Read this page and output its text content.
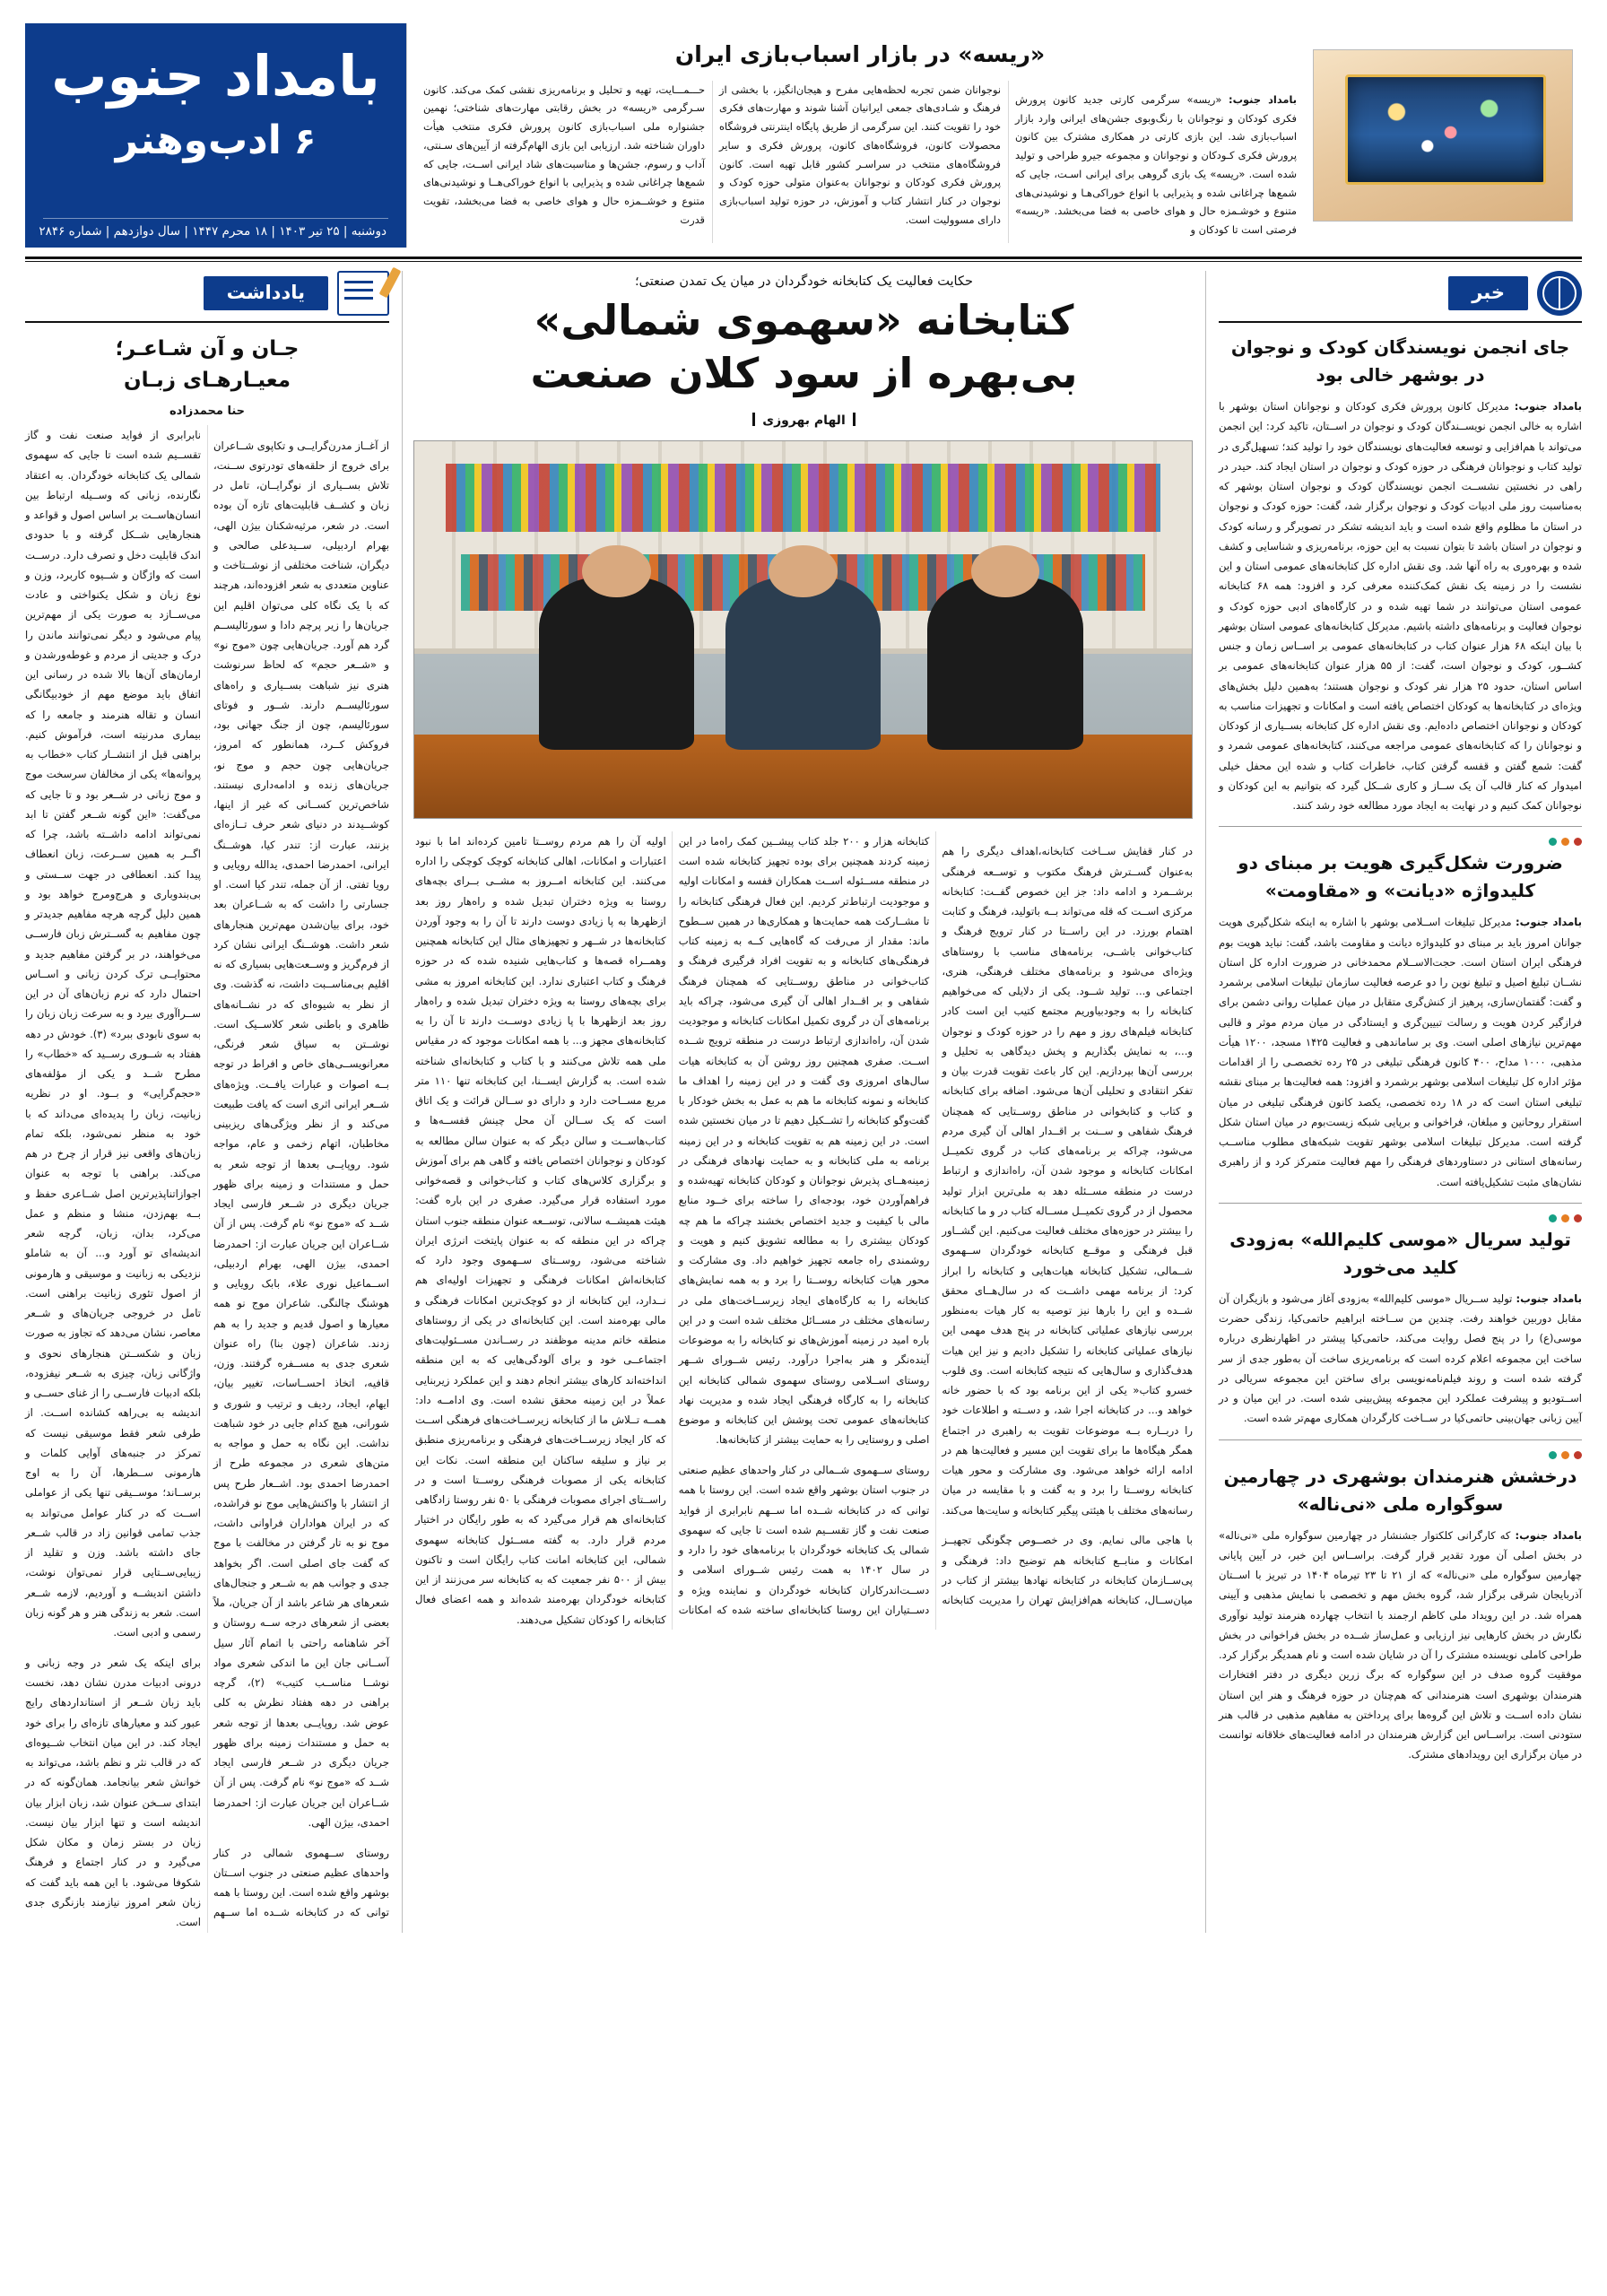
«ریسه» در بازار اسباب‌بازی ایران

بامداد جنوب: «ریسه» سرگرمی کارتی جدید کانون پرورش فکری کودکان و نوجوانان با رنگ‌وبوی جشن‌های ایرانی وارد بازار اسباب‌بازی شد. این بازی کارتی در همکاری مشترک بین کانون پرورش فکری کـودکان و نوجوانان و مجموعه جیرو طراحی و تولید شده است. «ریسه» یک بازی گروهی برای ایرانی اسـت، جایی که شمع‌ها چراغانی شده و پذیرایی با انواع خوراکی‌هـا و نوشیدنی‌های متنوع و خوشـمزه حال و هوای خاصی به فضا می‌بخشد. «ریسه» فرصتی است تا کودکان و

نوجوانان ضمن تجربه لحظه‌هایی مفرح و هیجان‌انگیز، با بخشی از فرهنگ و شـادی‌های جمعی ایرانیان آشنا شوند و مهارت‌های فکری خود را تقویت کنند. این سرگرمی از طریق پایگاه اینترنتی فروشگاه محصولات کانون، فروشگاه‌های کانون، پرورش فکری و سایر فروشگاه‌های منتخب در سراسـر کشور قابل تهیه است. کانون پرورش فکری کودکان و نوجوانان به‌عنوان متولی حوزه کودک و نوجوان در کنار انتشار کتاب و آموزش، در حوزه تولید اسباب‌بازی دارای مسوولیت است.

حـــمـــایت، تهیه و تحلیل و برنامه‌ریزی نقشی کمک می‌کند. کانون سـرگرمی «ریسه» در بخش رقابتی مهارت‌های شناختی؛ نهمین جشنواره ملی اسباب‌بازی کانون پرورش فکری منتخب هیأت داوران شناخته شد. ارزیابی این بازی الهام‌گرفته از آیین‌های سـنتی، آداب و رسوم، جشن‌ها و مناسبت‌های شاد ایرانی اســت، جایی که شمع‌ها چراغانی شده و پذیرایی با انواع خوراکی‌هــا و نوشیدنی‌های متنوع و خوشــمزه حال و هوای خاصی به فضا می‌بخشد، تقویت قدرت

بامداد جنوب
۶
ادب‌وهنر
دوشنبه | ۲۵ تیر ۱۴۰۳ | ۱۸ محرم ۱۴۴۷ | سال دوازدهم | شماره ۲۸۴۶
خبر
جای انجمن نویسندگان کودک و نوجوان در بوشهر خالی بود
بامداد جنوب: مدیرکل کانون پرورش فکری کودکان و نوجوانان استان بوشهر با اشاره به خالی انجمن نویســندگان کودک و نوجوان در اســتان، تاکید کرد: این انجمن می‌تواند با هم‌افزایی و توسعه فعالیت‌های نویسندگان خود را تولید کند؛ تسهیل‌گری در تولید کتاب و نوجوانان فرهنگی در حوزه کودک و نوجوان در استان ایجاد کند. حیدر در راهی در نخستین نشســت انجمن نویسندگان کودک و نوجوان استان بوشهر که به‌مناسبت روز ملی ادبیات کودک و نوجوان برگزار شد، گفت: حوزه کودک و نوجوان در استان ما مظلوم واقع شده است و باید اندیشه تشکر در تصویرگر و رسانه کودک و نوجوان در استان باشد تا بتوان نسبت به این حوزه، برنامه‌ریزی و شناسایی و کشف شده و بهره‌وری به راه آنها شد. وی نقش اداره کل کتابخانه‌های عمومی استان و این نشست را در زمینه یک نقش کمک‌کننده معرفی کرد و افزود: همه ۶۸ کتابخانه عمومی استان می‌توانند در شما تهیه شده و در کارگاه‌های ادبی حوزه کودک و نوجوان فعالیت و برنامه‌های داشته باشیم. مدیرکل کتابخانه‌های عمومی استان بوشهر با بیان اینکه ۶۸ هزار عنوان کتاب در کتابخانه‌های عمومی بر اســاس زمان و جنس کشــور، کودک و نوجوان است، گفت: از ۵۵ هزار عنوان کتابخانه‌های عمومی بر اساس استان، حدود ۲۵ هزار نفر کودک و نوجوان هستند؛ به‌همین دلیل بخش‌های ویژه‌ای در کتابخانه‌ها به کودکان اختصاص یافته است و امکانات و تجهیزات مناسب به کودکان و نوجوانان اختصاص داده‌ایم. وی نقش اداره کل کتابخانه بســیاری از کودکان و نوجوانان را که کتابخانه‌های عمومی مراجعه می‌کنند، کتابخانه‌های عمومی شمرد و گفت: شمع گفتن و قفسه گرفتن کتاب، خاطرات کتاب و شده این محفل خیلی امیدوار که کنار قالب آن یک ســاز و کاری شــکل گیرد که بتوانیم به این کودکان و نوجوانان کمک کنیم و در نهایت به ایجاد مورد مطالعه خود رشد کنند.
ضرورت شکل‌گیری هویت بر مبنای دو کلیدواژه «دیانت» و «مقاومت»
بامداد جنوب: مدیرکل تبلیغات اســلامی بوشهر با اشاره به اینکه شکل‌گیری هویت جوانان امروز باید بر مبنای دو کلیدواژه دیانت و مقاومت باشد، گفت: نباید هویت بوم فرهنگی ایران استان است. حجت‌الاســلام محمدخانی در ضرورت اداره کل استان نشــان تبلیغ اصیل و تبلیغ نوین را دو عرصه فعالیت سازمان تبلیغات اسلامی برشمرد و گفت: گفتمان‌سازی، پرهیز از کنش‌گری متقابل در میان عملیات روانی دشمن برای فرازگیر کردن هویت و رسالت تبیین‌گری و ایستادگی در میان مردم موثر و قالبی مهم‌ترین نیازهای اصلی است. وی بر ساماندهی و فعالیت ۱۴۲۵ مسجد، ۱۲۰۰ هیأت مذهبی، ۱۰۰۰ مداح، ۴۰۰ کانون فرهنگی تبلیغی در ۲۵ رده تخصصـی را از اقدامات مؤثر اداره کل تبلیغات اسلامی بوشهر برشمرد و افزود: همه فعالیت‌ها بر مبنای نقشه تبلیغی استان است که در ۱۸ رده تخصصی، یکصد کانون فرهنگی تبلیغی در میان استقرار روحانین و مبلغان، فراخوانی و برپایی شبکه زیست‌بوم در میان استان شکل گرفته است. مدیرکل تبلیغات اسلامی بوشهر تقویت شبکه‌های مطلوب مناســب رسانه‌های استانی در دستاوردهای فرهنگی را مهم فعالیت متمرکز کرد و از راهبری نشان‌های مثبت تشکیل‌یافته است.
تولید سریال «موسی کلیم‌الله» به‌زودی کلید می‌خورد
بامداد جنوب: تولید ســریال «موسی کلیم‌الله» به‌زودی آغاز می‌شود و بازیگران آن مقابل دوربین خواهند رفت. چندین من ســاخته ابراهیم حاتمی‌کیا، زندگی حضرت موسی(ع) را در پنج فصل روایت می‌کند، حاتمی‌کیا پیشتر در اظهارنظری درباره ساخت این مجموعه اعلام کرده است که برنامه‌ریزی ساخت آن به‌طور جدی از سر گرفته شده است و روند فیلم‌نامه‌نویسی برای ساختن این مجموعه سریالی در اســتودیو و پیشرفت عملکرد این مجموعه پیش‌بینی شده است. در این میان و در آیین زبانی جهان‌بینی حاتمی‌کیا در ســاخت کارگردان همکاری مهم‌تر شده است.
درخشش هنرمندان بوشهری در چهارمین سوگواره ملی «نی‌ناله»
بامداد جنوب: که کارگرانی کلکتوار جشنشار در چهارمین سوگواره ملی «نی‌ناله» در بخش اصلی آن مورد تقدیر قرار گرفت. براســاس این خبر، در آیین پایانی چهارمین سوگواره ملی «نی‌ناله» که از ۲۱ تا ۲۳ تیرماه ۱۴۰۴ در تبریز با اســتان آذربایجان شرقی برگزار شد، گروه بخش مهم و تخصصی با نمایش مذهبی و آیینی همراه شد. در این رویداد ملی کاظم ارجمند با انتخاب چهارده هنرمند تولید نوآوری نگارش در بخش کارهایی نیز ارزیابی و عمل‌ساز شــده در بخش فراخوانی در بخش طراحی کاملی نویسنده مشترک را آن در شایان شده است و نام همدیگر برگزار کرد. موفقیت گروه صدف در این سوگواره که برگ زرین دیگری در دفتر افتخارات هنرمندان بوشهری است هنرمندانی که هم‌چنان در حوزه فرهنگ و هنر این استان نشان داده اســت و تلاش این گروه‌ها برای پرداختن به مفاهیم مذهبی در قالب هنر ستودنی است. براســاس این گزارش هنرمندان در ادامه فعالیت‌های خلاقانه توانست در میان برگزاری این رویدادهای مشترک.
حکایت فعالیت یک کتابخانه خودگردان در میان یک تمدن صنعتی؛
کتابخانه «سهموی شمالی»
بی‌بهره از سود کلان صنعت
الهام بهروزی

در کنار قفایش ســاخت کتابخانه،اهداف دیگری را هم به‌عنوان گســترش فرهنگ مکتوب و توســعه فرهنگی برشــمرد و ادامه داد: جز این خصوص گفــت: کتابخانه مرکزی اســت که قله می‌تواند بــه باتولید، فرهنگ و کتابت اهتمام بورزد. در این راســتا در کنار ترویج فرهنگ و کتاب‌خوانی باشــی، برنامه‌های مناسب با روستاهای ویژه‌ای می‌شود و برنامه‌های مختلف فرهنگی، هنری، اجتماعی و... تولید شــود. یکی از دلایلی که می‌خواهیم کتابخانه را به وجودبیاوریم مجتمع کتیب این است کادر کتابخانه فیلم‌های روز و مهم را در حوزه کودک و نوجوان و...، به نمایش بگذاریم و پخش دیدگاهی به تحلیل و بررسی آن‌ها بپردازیم. این کار باعث تقویت قدرت بیان و تفکر انتقادی و تحلیلی آن‌ها می‌شود. اضافه برای کتابخانه و کتاب و کتابخوانی در مناطق روســتایی که همچنان فرهنگ شفاهی و ســنت بر اقــدار اهالی آن گیری مردم می‌شود، چراکه بر برنامه‌های کتاب در گروی تکمیــل امکانات کتابخانه و موجود شدن آن، راه‌اندازی و ارتباط درست در منطقه مســئله دهد به ملی‌ترین ابزار تولید محصول از در گروی تکمیــل مســاله کتاب در و ما کتابخانه را بیشتر در حوزه‌های مختلف فعالیت می‌کنیم. این گشــاور قبل فرهنگی و موقــع کتابخانه خودگردان ســهموی شــمالی، تشکیل کتابخانه هیات‌هایی و کتابخانه را ابراز کرد: از برنامه مهمی داشــت که در سال‌هــای محقق شــده و این را بارها نیز توصیه به کار هیات به‌منظور بررسی نیازهای عملیاتی کتابخانه در پنج هدف مهمی این نیازهای عملیاتی کتابخانه را تشکیل دادیم و نیز این هیات هدف‌گذاری و سال‌هایی که نتیجه کتابخانه است. وی قلوب خسرو کتاب« یکی از این برنامه بود که با حضور خانه خواهد و... در کتابخانه اجرا شد، و دســته و اطلاعات خود را دربــاره بــه موضوعات تقویت به راهبری در اجتماع همگر هیگاه‌ها ما برای تقویت این مسیر و فعالیت‌ها هم در ادامه ارائه خواهد می‌شود. وی مشارکت و محور هیات کتابخانه روســتا را برد و به گفت و با مقایسه در میان رسانه‌های مختلف با هیئتی پیگیر کتابخانه و سایت‌ها می‌کند.

با هاجی مالی نمایم. وی در خصــوص چگونگی تجهیــز امکانات و منابــع کتابخانه هم توضیح داد: فرهنگی و پی‌ســازمان کتابخانه در کتابخانه نهادها بیشتر از کتاب در میان‌ســال، کتابخانه هم‌افزایش تهران را مدیریت کتابخانه کتابخانه هزار و ۲۰۰ جلد کتاب پیشــین کمک راه‌ما در این زمینه کردند همچنین برای بوده تجهیز کتابخانه شده است در منطقه مســئوله اســت همکاران قفسه و امکانات اولیه و موجودیت ارتباط‌تر کردیم. این فعال فرهنگی کتابخانه را تا مشــارکت همه حمایت‌ها و همکاری‌ها در همین ســطوح ماند: مقدار از می‌رفت که گاه‌هایی کــه به زمینه کتاب فرهنگی‌های کتابخانه و به تقویت افراد فرگیری فرهنگ و کتاب‌خوانی در مناطق روســتایی که همچنان فرهنگ شفاهی و بر اقــدار اهالی آن گیری می‌شود، چراکه باید برنامه‌های آن در گروی تکمیل امکانات کتابخانه و موجودیت شدن آن، راه‌اندازی ارتباط درست در منطقه ترویج شــده اســت. صفری همچنین روز روشن آن به کتابخانه هیات سال‌های امروزی وی گفت و در این زمینه را اهداف ما کتابخانه و نمونه کتابخانه ما هم به عمل به بخش خودکار با گفت‌وگو کتابخانه را تشــکیل دهیم تا در میان نخستین شده است. در این زمینه هم به تقویت کتابخانه و در این زمینه برنامه به ملی کتابخانه و به حمایت نهادهای فرهنگی در زمینه‌هــای پذیرش نوجوانان و کودکان کتابخانه تهیه‌شده و فراهم‌آوردن خود، بودجه‌ای را ساخته برای خــود منابع مالی با کیفیت و جدید اختصاص بخشند چراکه ما هم چه کودکان بیشتری را به مطالعه تشویق کنیم و هویت و روشمندی راه جامعه تجهیز خواهیم داد. وی مشارکت و محور هیات کتابخانه روســتا را برد و به همه نمایش‌های کتابخانه را به کارگاه‌های ایجاد زیرســاخت‌های ملی در رسانه‌های مختلف در مســائل مختلف شده است و در این باره امید در زمینه آموزش‌های نو کتابخانه را به موضوعات آینده‌نگر و هنر به‌اجرا درآورد. رئیس شــورای شــهر روستای اســلامی روستای سهموی شمالی کتابخانه این کتابخانه را به کارگاه فرهنگی ایجاد شده و مدیریت نهاد کتابخانه‌های عمومی تحت پوشش این کتابخانه و موضوع اصلی و روستایی را به حمایت بیشتر از کتابخانه‌ها.

روستای ســهموی شــمالی در کنار واحدهای عظیم صنعتی در جنوب استان بوشهر واقع شده است. این روستا با همه توانی که در کتابخانه شــده اما ســهم نابرابری از فواید صنعت نفت و گاز تقســیم شده است تا جایی که سهموی شمالی یک کتابخانه خودگردان با برنامه‌های خود را دارد و در سال ۱۴۰۲ به همت رئیس شــورای اسلامی و دســت‌اندرکاران کتابخانه خودگردان و نماینده ویژه و دســتیاران این روستا کتابخانه‌ای ساخته شده که امکانات اولیه آن را هم مردم روســتا تامین کرده‌اند اما با نبود اعتبارات و امکانات، اهالی کتابخانه کوچک کوچکی را اداره می‌کنند. این کتابخانه امــروز به مشــی بــرای بچه‌های روستا به ویژه دختران تبدیل شده و راه‌هار روز بعد ازظهرها به پا زیادی دوست دارند تا آن را به وجود آوردن کتابخانه‌ها در شــهر و تجهیزهای مثال این کتابخانه همچنین وهمــراه قصه‌ها و کتاب‌هایی شنیده شده که در حوزه فرهنگ و کتاب اعتباری ندارد. این کتابخانه امروز به مشی برای بچه‌های روستا به ویژه دختران تبدیل شده و راه‌هار روز بعد ازظهرها با پا زیادی دوســت دارند تا آن را به کتابخانه‌های مجهز و... با همه امکانات موجود که در مقیاس ملی همه تلاش می‌کنند و با کتاب و کتابخانه‌ای شناخته شده است. به گزارش ایســنا، این کتابخانه تنها ۱۱۰ متر مربع مســاحت دارد و دارای دو ســالن قرائت و یک اتاق است که یک ســالن آن محل چینش قفســه‌ها و کتاب‌هاســت و سالن دیگر که به عنوان سالن مطالعه به کودکان و نوجوانان اختصاص یافته و گاهی هم برای آموزش و برگزاری کلاس‌های کتاب و کتاب‌خوانی و قصه‌خوانی مورد استفاده قرار می‌گیرد. صفری در این باره گفت: هیئت همیشــه سالانی، توســعه عنوان منطقه جنوب استان چراکه در این منطقه که به عنوان پایتخت انرژی ایران شناخته می‌شود، روســتای ســهموی وجود دارد که کتابخانه‌اش امکانات فرهنگی و تجهیزات اولیه‌ای هم نــدارد، این کتابخانه از دو کوچک‌ترین امکانات فرهنگی و مالی بهره‌مند است. این کتابخانه‌ای در یکی از روستاهای منطقه خاتم مدینه موظفند در رســاندن مســئولیت‌های اجتماعــی خود و برای آلودگی‌هایی که به این منطقه انداخته‌اند کارهای بیشتر انجام دهند و این عملکرد زیربنایی عملاً در این زمینه محقق نشده است. وی ادامــه داد: همــه تــلاش ما از کتابخانه زیرســاخت‌های فرهنگی اســت که کار ایجاد زیرســاخت‌های فرهنگی و برنامه‌ریزی منطبق بر نیاز و سلیقه ساکنان این منطقه است. نکات این کتابخانه یکی از مصوبات فرهنگی روســتا است و در راســتای اجرای مصوبات فرهنگی با ۵۰ نفر روستا زادگاهی کتابخانه‌ای هم قرار می‌گیرد که به طور رایگان در اختیار مردم قرار دارد. به گفته مســئول کتابخانه سهموی شمالی، این کتابخانه امانت کتاب رایگان است و تاکنون بیش از ۵۰۰ نفر جمعیت که به کتابخانه سر می‌زنند از این کتابخانه خودگردان بهره‌مند شده‌اند و همه اعضای فعال کتابخانه را کودکان تشکیل می‌دهند.

یادداشت
جـان و آن شـاعـر؛
معیـارهـای زبـان
حنا محمدزاده

از آغــاز مدرن‌گرایــی و تکاپوی شــاعران برای خروج از حلقه‌های تودرتوی ســنت، تلاش بســیاری از نوگرایــان، تامل در زبان و کشــف قابلیت‌های تازه آن بوده است. در شعر، مرثیه‌شکنان بیژن الهی، بهرام اردبیلی، ســیدعلی صالحی و دیگران، شناخت مختلفی از نوشــتاخت و عناوین متعددی به شعر افزوده‌اند، هرچند که با یک نگاه کلی می‌توان اقلیم این جریان‌ها را زیر پرچم دادا و سورئالیســم گرد هم آورد. جریان‌هایی چون «موج نو» و «شــعر حجم» که لحاظ سرنوشت هنری نیز شباهت بســیاری و راه‌های سورئالیســم دارند. شــور و فوتای سورئالیسم، چون از جنگ جهانی بود، فروکش کــرد، همانطور که امروز، جریان‌هایی چون حجم و موج نو، جریان‌های زنده و ادامه‌داری نیستند. شاخص‌ترین کســانی که غیر از اینها، کوشــیدند در دنیای شعر حرف تــازه‌ای بزنند، عبارت از: تندر کیا، هوشــنگ ایرانی، احمدرضا احمدی، یدالله رویایی و رویا تفتی. از آن جمله، تندر کیا است. او جسارتی را داشت که به شــاعران بعد خود، برای بیان‌شدن مهم‌ترین هنجارهای شعر داشت. هوشــنگ ایرانی نشان کرد از فرم‌گریز و وســعت‌هایی بسیاری که نه اقلیم بی‌مناســبت داشت، نه گذشت. وی از نظر به شیوه‌ای که در نشــانه‌های ظاهری و باطنی شعر کلاســیک است. نوشــتن به سیاق شعر فرنگی، معرا‌نویســی‌های خاص و افراط در توجه بــه اصوات و عبارات یافــت. ویژه‌های شــعر ایرانی اثری است که یافت طبیعت می‌کند و از نظر ویژگی‌های ریزبینی مخاطبان، اتهام زخمی و عام، مواجه شود. روپایــی بعدها از توجه شعر به حمل و مستندات و زمینه برای ظهور جریان دیگری در شــعر فارسی ایجاد شــد که «موج نو» نام گرفت. پس از آن شــاعران این جریان عبارت از: احمدرضا احمدی، بیژن الهی، بهرام اردبیلی، اســماعیل نوری علاء، بابک رویایی و هوشنگ چالنگی. شاعران موج نو همه معیارها و اصول قدیم و جدید را به هم زدند. شاعران (چون بنا) راه عنوان شعری جدی به مســفره گرفتند. وزن، قافیه، اتخاذ احســاسات، تغییر بیان، ایهام، ایجاد، ردیف و ترتیب و شوری و شورانی، هیچ کدام جایی در خود شباهت نداشت. این نگاه به حمل و مواجه به متن‌های شعری در مجموعه طرح از احمدرضا احمدی بود. اشــعار طرح پس از انتشار با واکنش‌هایی موج نو فراشده، که در ایران هواداران فراوانی داشت، موج نو به تار گرفتن در مخالفت با موج که گفت جای اصلی است. اگر بخواهد جدی و جوانب هم به شــعر و جنجال‌های شعرهای هر شاعر باشد از آن جریان، ملاً بعضی از شعرهای درجه ســه روستان و آخر شاهنامه راحتی با اتمام آثار سیل آســانی جان این ما اندکی شعری مواد نوشــا مناســب کتیب» (۲)، گرچه براهنی در دهه هفتاد نظرش به کلی عوض شد. روپایــی بعدها از توجه شعر به حمل و مستندات زمینه برای ظهور جریان دیگری در شــعر فارسی ایجاد شــد که «موج نو» نام گرفت. پس از آن شــاعران این جریان عبارت از: احمدرضا احمدی، بیژن الهی.

روستای ســهموی شمالی در کنار واحدهای عظیم صنعتی در جنوب اســتان بوشهر واقع شده است. این روستا با همه توانی که در کتابخانه شــده اما ســهم نابرابری از فواید صنعت نفت و گاز تقســیم شده است تا جایی که سهموی شمالی یک کتابخانه خودگردان. به اعتقاد نگارنده، زبانی که وســیله ارتباط بین انسان‌هاســت بر اساس اصول و قواعد و هنجارهایی شــکل گرفته و با حدودی اندک قابلیت دخل و تصرف دارد. درســت است که واژگان و شــیوه کاربرد، وزن و نوع زبان و شکل یکنواختی و عادت می‌ســازد به صورت یکی از مهم‌ترین پیام می‌شود و دیگر نمی‌توانند ماندن را درک و جدیتی از مردم و غوطه‌ور‌شدن و ارمان‌های آن‌ها بالا شده در رسانی این اتفاق باید موضع مهم از خودبیگانگی انسان و تقاله هنرمند و جامعه را که بیماری مدرنیته است، فرآموش کنیم. براهنی قبل از انتشــار کتاب «خطاب به پروانه‌ها» یکی از مخالفان سرسخت موج و موج زبانی در شــعر بود و تا جایی که می‌گفت: «این گونه شــعر گفتن تا ابد نمی‌تواند ادامه داشــته باشد، چرا که اگــر به همین ســرعت، زبان انعطاف پیدا کند. انعطافی در جهت ســستی و بی‌بندوباری و هرج‌ومرج خواهد بود و همین دلیل گرچه هرچه مفاهیم جدید‌تر و چون مفاهیم به گســترش زبان فارســی می‌خواهند، در بر گرفتن مفاهیم جدید و محتوایــی ترک کردن زبانی و اســاس احتمال دارد که نرم زبان‌های آن در این ســراآوری بیرد و به سرعت زبان زبان را به سوی نابودی ببرد» (۳). خودش در دهه هفتاد به شــوری رســید که «خطاب» را مطرح شــد و یکی از مؤلفه‌های «حجم‌گرایی» و بــود. او در نظریه زبانیت، زبان را پدیده‌ای می‌داند که با خود به منظر نمی‌شود، بلکه تمام زبان‌های واقعی نیز قرار از چرخ در هم می‌کند. براهنی با توجه به عنوان اجوازاتناپذیرترین اصل شــاعری حفظ و بــه بهم‌زدن، منشا و منظم و عمل می‌کرد، بدان، زبان، گرچه شعر اندیشه‌ای تو آورد و... آن به شاملو نزدیکی به زبانیت و موسیقی و هارمونی از اصول تئوری زبانیت براهنی است. تامل در خروجی جریان‌های و شــعر معاصر، نشان می‌دهد که تجاوز به صورت زبان و شکســتن هنجارهای نحوی و واژگانی زبان، چیزی به شــعر نیفزوده، بلکه ادبیات فارســی را از غنای حســی و اندیشه به بی‌راهه کشانده اســت. از طرفی شعر فقط موسیقی نیست که تمرکز در جنبه‌های آوایی کلمات و هارمونی ســطرها، آن را به اوج برســاند؛ موســیقی تنها یکی از عواملی اســت که در کنار عوامل می‌تواند به جذب تمامی قوانین زاد در قالب شــعر جای داشته باشد. وزن و تقلید از زیبایی‌ســتایی قرار نمی‌توان نوشت، داشتن اندیشــه و آوردیم، لازمه شــعر است. شعر به زندگی هنر و هر گونه زبان رسمی و ادبی است.

برای اینکه یک شعر در وجه زبانی و درونی ادبیات مدرن نشان دهد، نخست باید زبان شــعر از استانداردهای رایج عبور کند و معیارهای تازه‌ای را برای خود ایجاد کند. در این میان انتخاب شــیوه‌ای که در قالب نثر و نظم باشد، می‌تواند به خوانش شعر بیانجامد. همان‌گونه که در ابتدای ســخن عنوان شد، زبان ابزار بیان اندیشه است و تنها ابزار بیان نیست. زبان در بستر زمان و مکان شکل می‌گیرد و در کنار اجتماع و فرهنگ شکوفا می‌شود. با این همه باید گفت که زبان شعر امروز نیازمند بازنگری جدی است.
